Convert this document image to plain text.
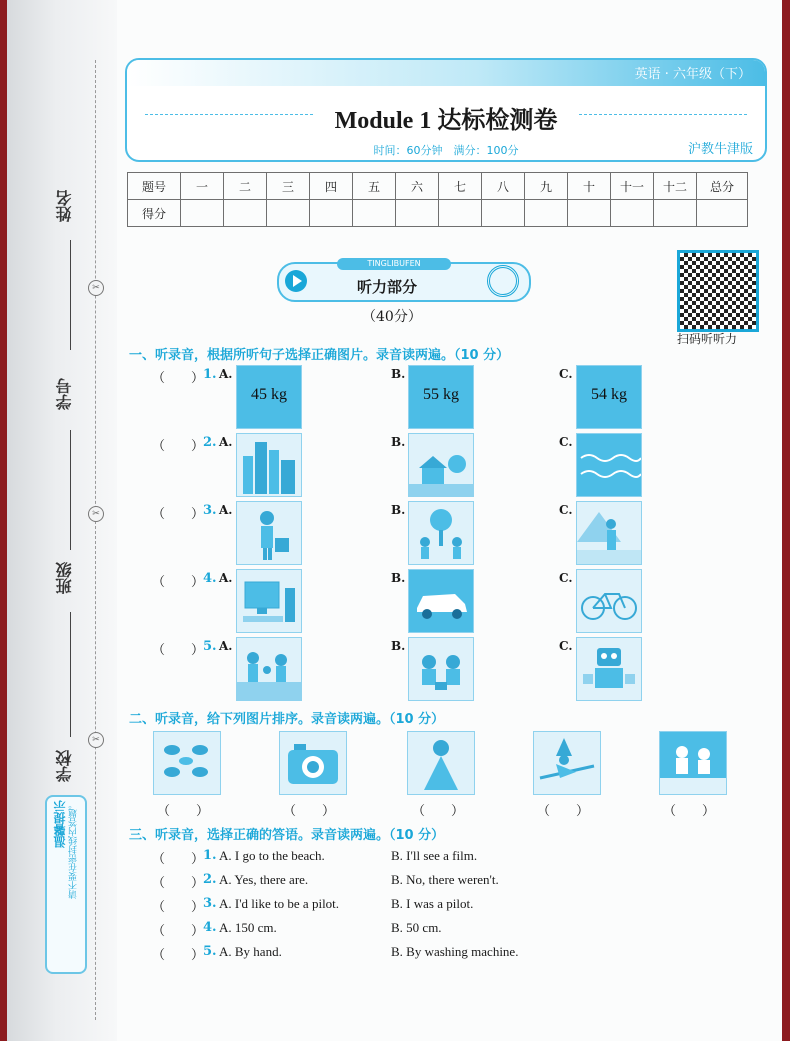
姓名
学号
班级
学校
✂
✂
✂
温馨提示 请不要在密封线内答题。
英语 · 六年级（下）
Module 1 达标检测卷
时间：60分钟　满分：100分	沪教牛津版
题号	一	二	三	四	五	六	七	八	九	十	十一	十二	总分
得分													
TINGLIBUFEN
听力部分
（40分）
扫码听听力
一、听录音，根据所听句子选择正确图片。录音读两遍。（10 分）
（　　）
1. A.
45 kg
B.
55 kg
C.
54 kg
（　　）
2. A.	B.	C.
（　　）
3. A.	B.	C.
（　　）
4. A.	B.	C.
（　　）
5. A.	B.	C.
二、听录音，给下列图片排序。录音读两遍。（10 分）
（　　）	（　　）	（　　）	（　　）	（　　）
三、听录音，选择正确的答语。录音读两遍。（10 分）
（　　）
1. A. I go to the beach.	B. I'll see a film.
（　　）
2. A. Yes, there are.	B. No, there weren't.
（　　）
3. A. I'd like to be a pilot.	B. I was a pilot.
（　　）
4. A. 150 cm.	B. 50 cm.
（　　）
5. A. By hand.	B. By washing machine.
